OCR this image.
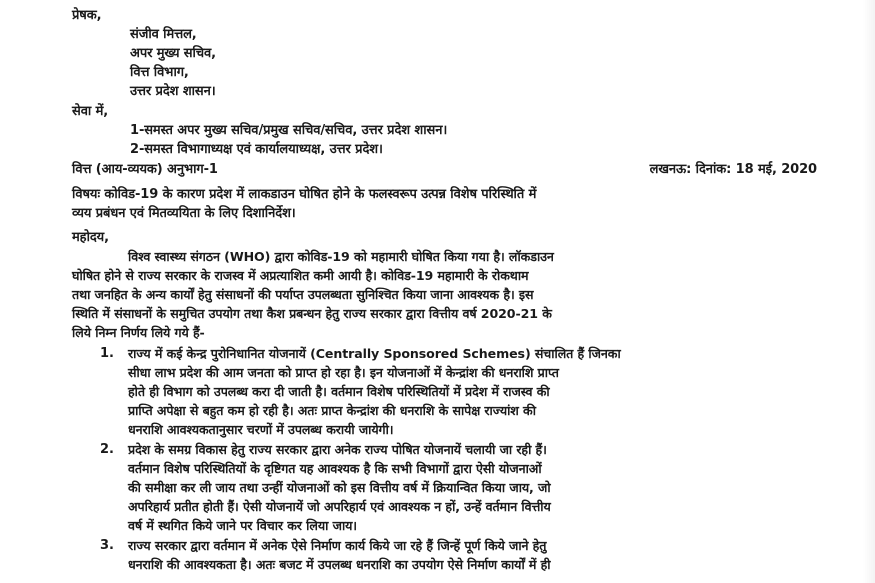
प्रेषक,
संजीव मित्तल,
अपर मुख्य सचिव,
वित्त विभाग,
उत्तर प्रदेश शासन।
सेवा में,
1-समस्त अपर मुख्य सचिव/प्रमुख सचिव/सचिव, उत्तर प्रदेश शासन।
2-समस्त विभागाध्यक्ष एवं कार्यालयाध्यक्ष, उत्तर प्रदेश।
वित्त (आय-व्ययक) अनुभाग-1	लखनऊ: दिनांक: 18 मई, 2020
विषयः कोविड-19 के कारण प्रदेश में लाकडाउन घोषित होने के फलस्वरूप उत्पन्न विशेष परिस्थिति में
व्यय प्रबंधन एवं मितव्ययिता के लिए दिशानिर्देश।
महोदय,
विश्व स्वास्थ्य संगठन (WHO) द्वारा कोविड-19 को महामारी घोषित किया गया है। लॉकडाउन
घोषित होने से राज्य सरकार के राजस्व में अप्रत्याशित कमी आयी है। कोविड-19 महामारी के रोकथाम
तथा जनहित के अन्य कार्यों हेतु संसाधनों की पर्याप्त उपलब्धता सुनिश्चित किया जाना आवश्यक है। इस
स्थिति में संसाधनों के समुचित उपयोग तथा कैश प्रबन्धन हेतु राज्य सरकार द्वारा वित्तीय वर्ष 2020-21 के
लिये निम्न निर्णय लिये गये हैं-
1. राज्य में कई केन्द्र पुरोनिधानित योजनायें (Centrally Sponsored Schemes) संचालित हैं जिनका
सीधा लाभ प्रदेश की आम जनता को प्राप्त हो रहा है। इन योजनाओं में केन्द्रांश की धनराशि प्राप्त
होते ही विभाग को उपलब्ध करा दी जाती है। वर्तमान विशेष परिस्थितियों में प्रदेश में राजस्व की
प्राप्ति अपेक्षा से बहुत कम हो रही है। अतः प्राप्त केन्द्रांश की धनराशि के सापेक्ष राज्यांश की
धनराशि आवश्यकतानुसार चरणों में उपलब्ध करायी जायेगी।
2. प्रदेश के समग्र विकास हेतु राज्य सरकार द्वारा अनेक राज्य पोषित योजनायें चलायी जा रही हैं।
वर्तमान विशेष परिस्थितियों के दृष्टिगत यह आवश्यक है कि सभी विभागों द्वारा ऐसी योजनाओं
की समीक्षा कर ली जाय तथा उन्हीं योजनाओं को इस वित्तीय वर्ष में क्रियान्वित किया जाय, जो
अपरिहार्य प्रतीत होती हैं। ऐसी योजनायें जो अपरिहार्य एवं आवश्यक न हों, उन्हें वर्तमान वित्तीय
वर्ष में स्थगित किये जाने पर विचार कर लिया जाय।
3. राज्य सरकार द्वारा वर्तमान में अनेक ऐसे निर्माण कार्य किये जा रहे हैं जिन्हें पूर्ण किये जाने हेतु
धनराशि की आवश्यकता है। अतः बजट में उपलब्ध धनराशि का उपयोग ऐसे निर्माण कार्यों में ही
किया जाय, जो प्रारम्भ किये जा चुके हैं। सीमित संसाधनों को ध्यान में रखते हुये, केवल ऐसे नये
निर्माण कार्य प्रारम्भ किये जायें जो अपरिहार्य एवं अत्यन्त आवश्यक हों।
4.
विभागीय कार्य-प्रणाली में परिवर्तन, सूचना प्रौद्योगिकी के अनुप्रयोग आदि कारणों से अनेक पद
वर्तमान परिवेश में अप्रासंगिक हो गये हैं जिन्हें विभागों द्वारा चिन्हित कर समाप्त करने की
कार्यवाही की जाय। इन समाप्त किये जाने वाले पदों पर यदि कोई कर्मचारी कार्यरत है तो उसे
